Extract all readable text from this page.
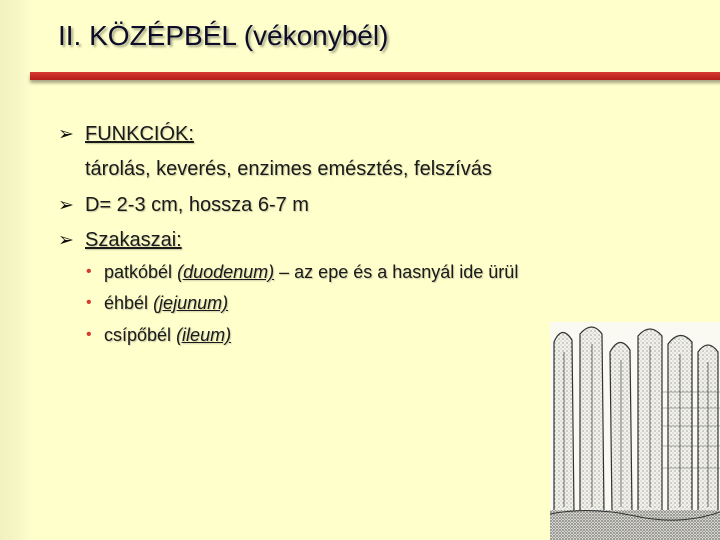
II. KÖZÉPBÉL (vékonybél)
➢ FUNKCIÓK:
tárolás, keverés, enzimes emésztés, felszívás
➢ D= 2-3 cm, hossza 6-7 m
➢ Szakaszai:
• patkóbél (duodenum) – az epe és a hasnyál ide ürül
• éhbél (jejunum)
• csípőbél (ileum)
